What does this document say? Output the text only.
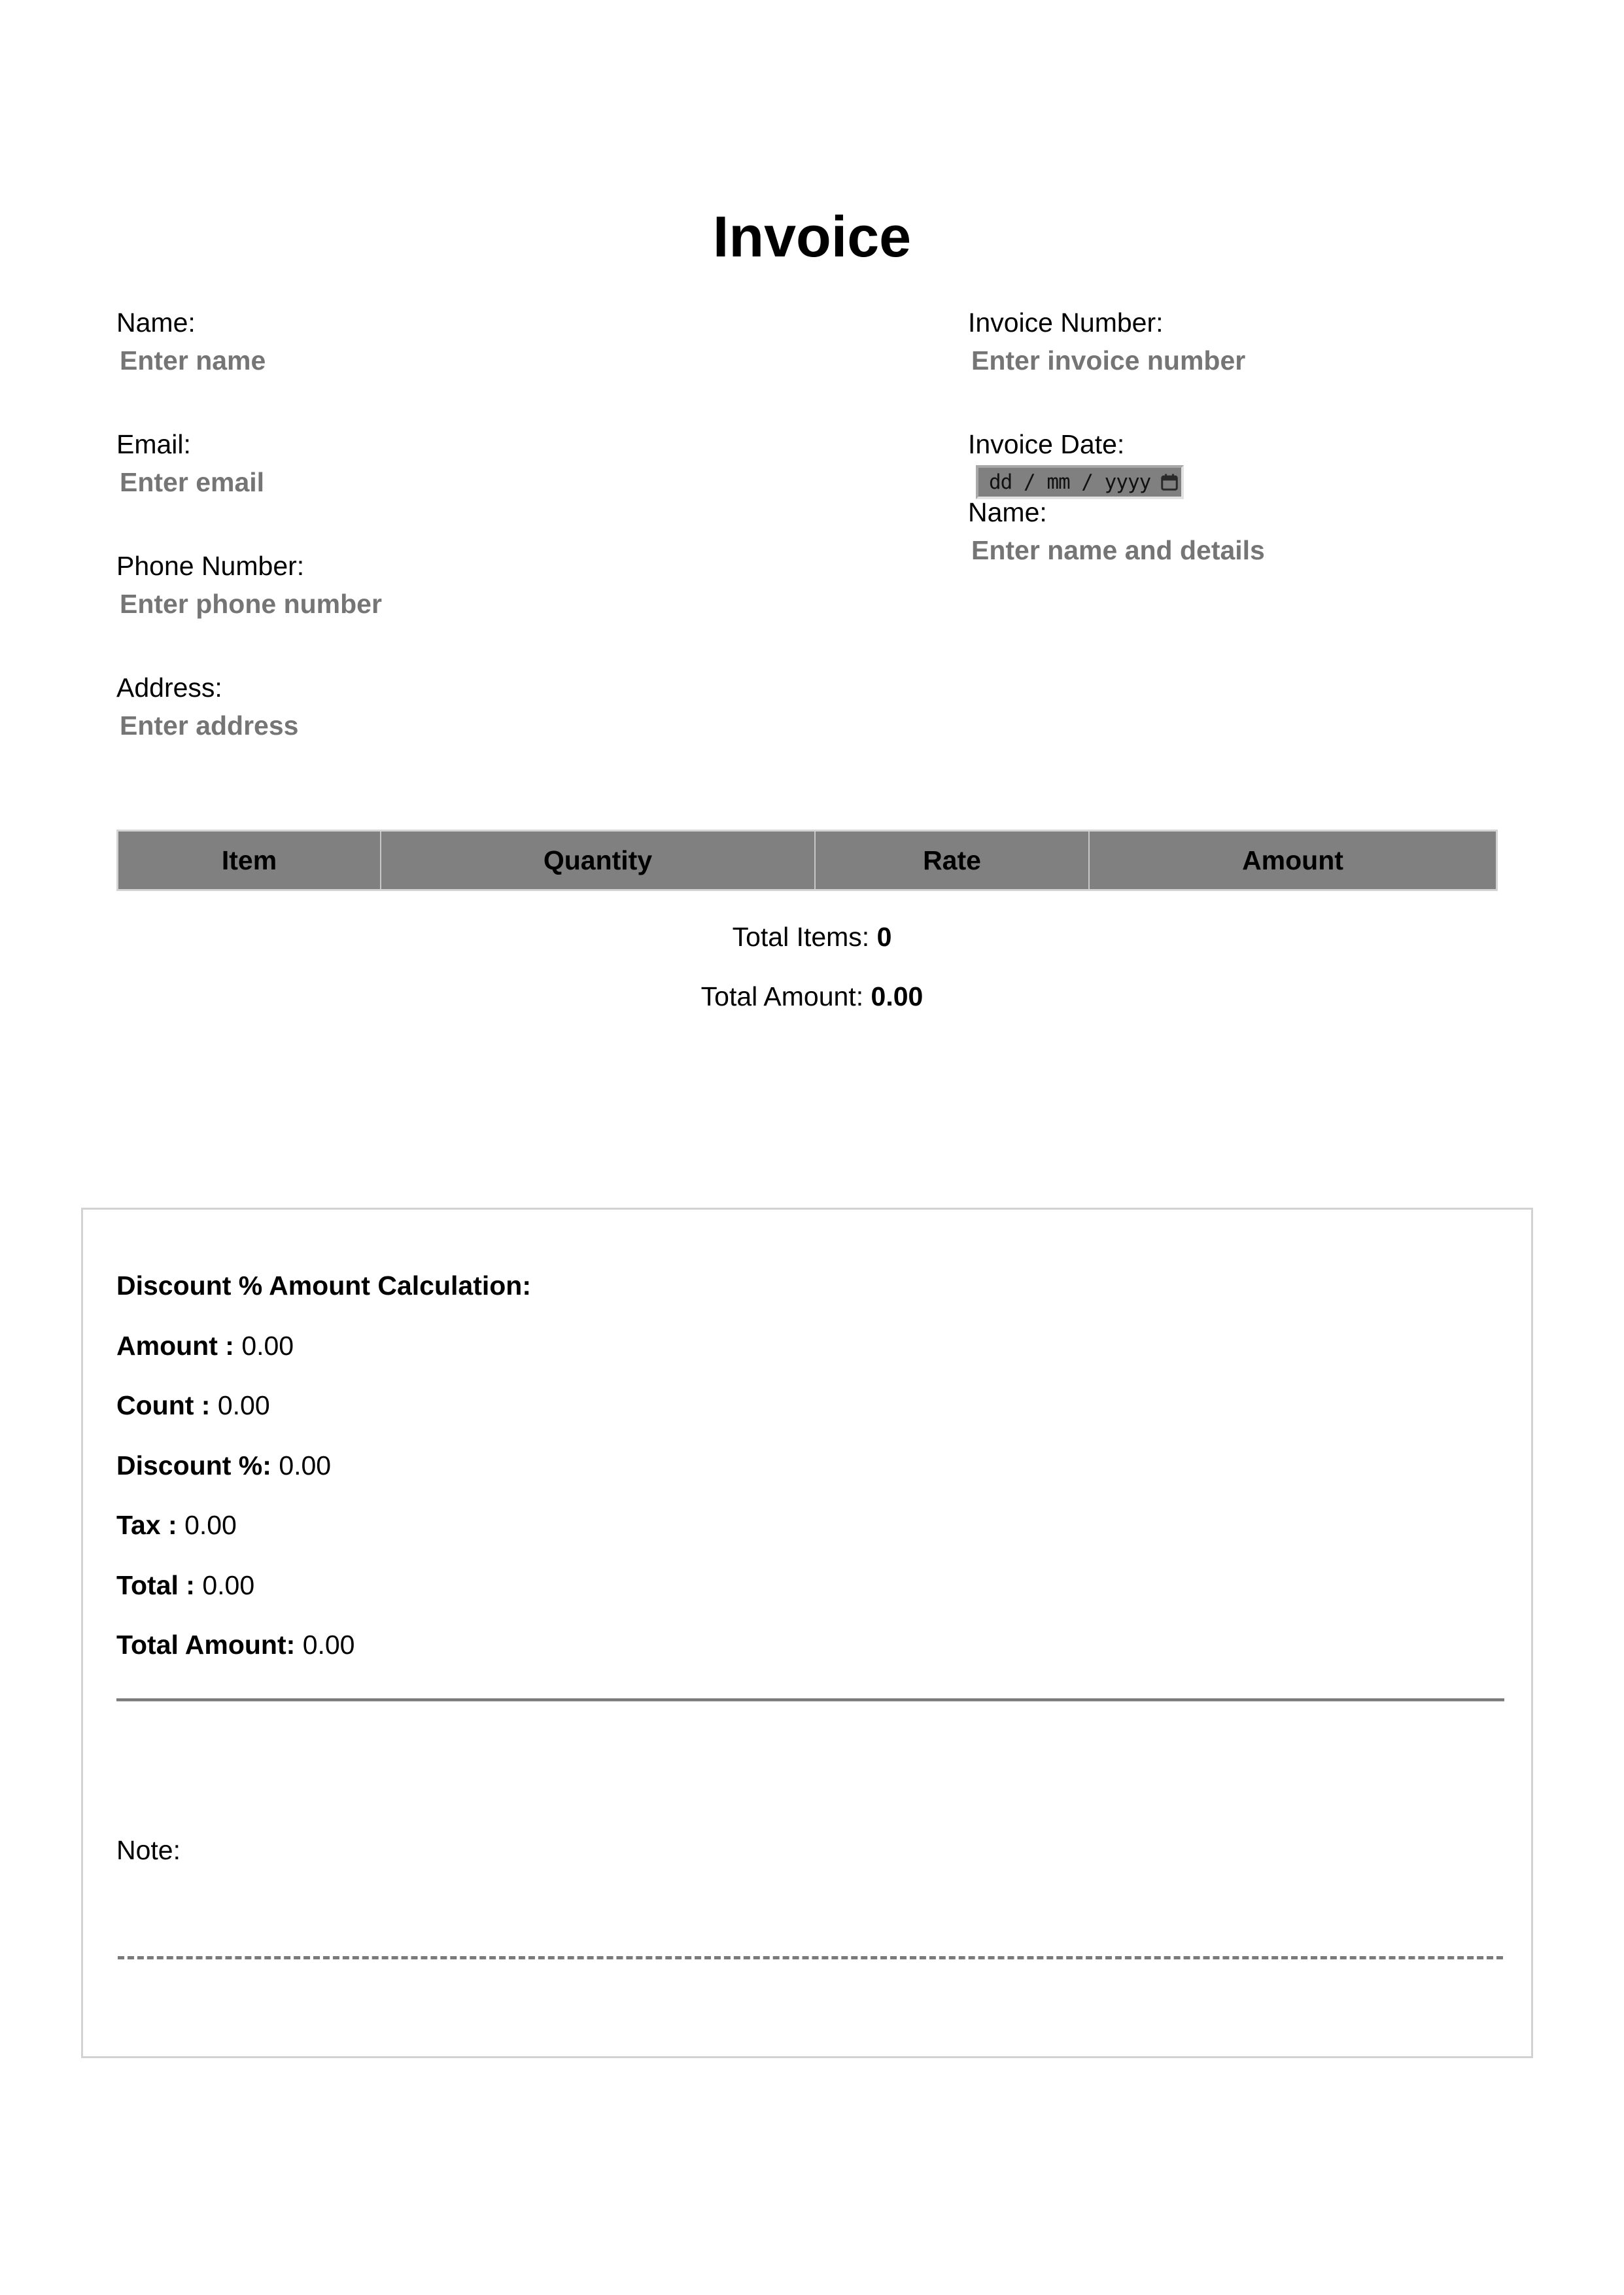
Invoice
Name:
Enter name
Email:
Enter email
Phone Number:
Enter phone number
Address:
Enter address
Invoice Number:
Enter invoice number
Invoice Date:
dd / mm / yyyy
Name:
Enter name and details
Item	Quantity	Rate	Amount
Total Items: 0
Total Amount: 0.00
Discount % Amount Calculation:
Amount : 0.00
Count : 0.00
Discount %: 0.00
Tax : 0.00
Total : 0.00
Total Amount: 0.00
Note:
